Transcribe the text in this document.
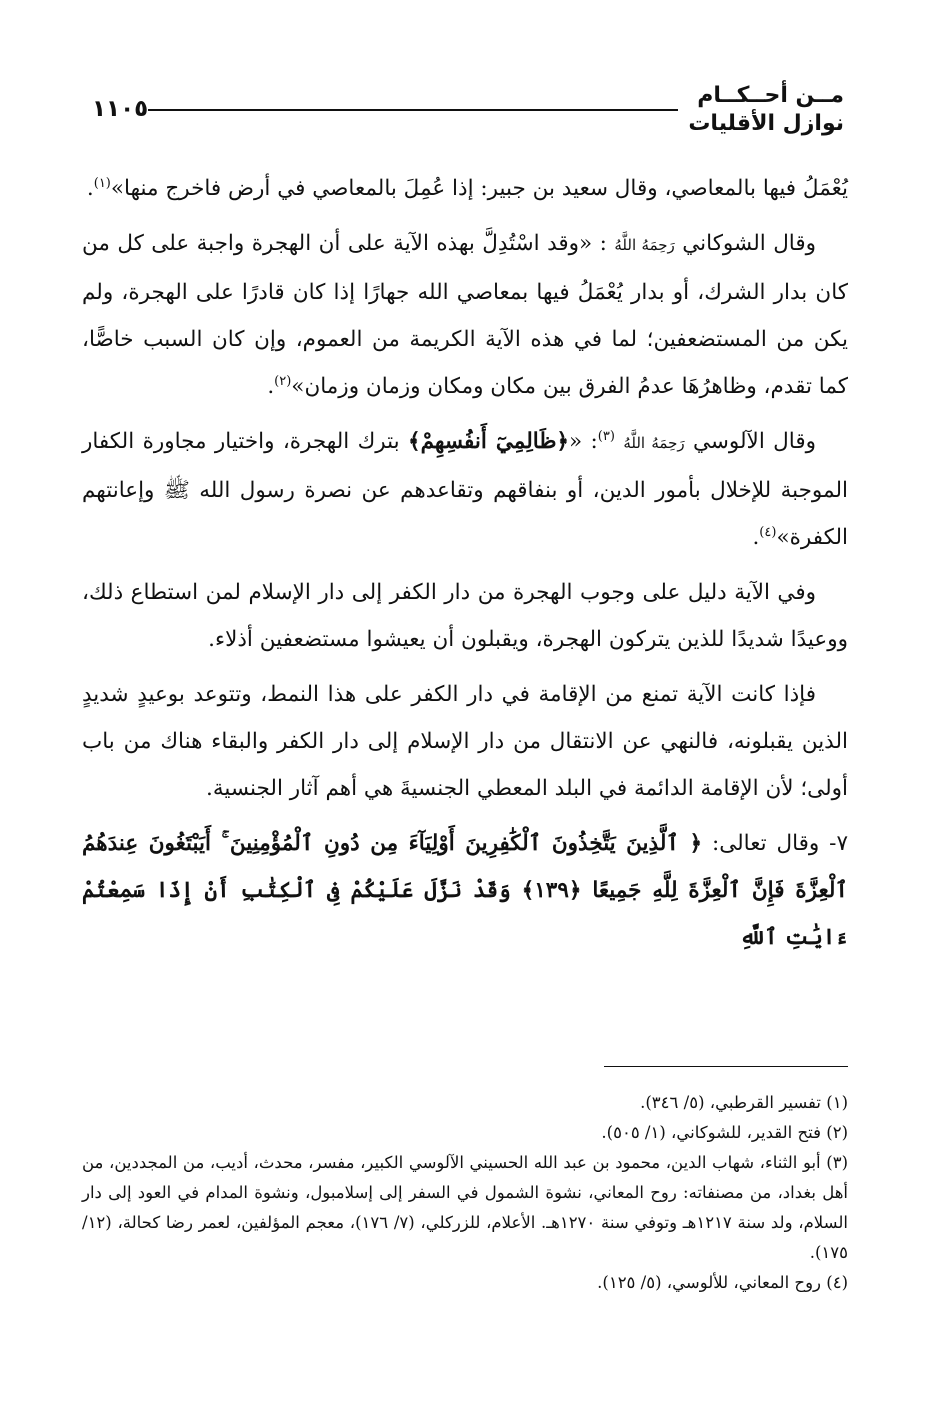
١١٠٥
مــن أحــكــام
نوازل الأقليات

يُعْمَلُ فيها بالمعاصي، وقال سعيد بن جبير: إذا عُمِلَ بالمعاصي في أرض فاخرج منها»$^{(١)}$.

وقال الشوكاني رَحِمَهُ اللَّهُ : «وقد اسْتُدِلَّ بهذه الآية على أن الهجرة واجبة على كل من كان بدار الشرك، أو بدار يُعْمَلُ فيها بمعاصي الله جهارًا إذا كان قادرًا على الهجرة، ولم يكن من المستضعفين؛ لما في هذه الآية الكريمة من العموم، وإن كان السبب خاصًّا، كما تقدم، وظاهرُهَا عدمُ الفرق بين مكان ومكان وزمان وزمان»$^{(٢)}$.

وقال الآلوسي رَحِمَهُ اللَّهُ $^{(٣)}$: «﴿ظَالِمِيٓ أَنفُسِهِمْ﴾ بترك الهجرة، واختيار مجاورة الكفار الموجبة للإخلال بأمور الدين، أو بنفاقهم وتقاعدهم عن نصرة رسول الله ﷺ وإعانتهم الكفرة»$^{(٤)}$.

وفي الآية دليل على وجوب الهجرة من دار الكفر إلى دار الإسلام لمن استطاع ذلك، ووعيدًا شديدًا للذين يتركون الهجرة، ويقبلون أن يعيشوا مستضعفين أذلاء.

فإذا كانت الآية تمنع من الإقامة في دار الكفر على هذا النمط، وتتوعد بوعيدٍ شديدٍ الذين يقبلونه، فالنهي عن الانتقال من دار الإسلام إلى دار الكفر والبقاء هناك من باب أولى؛ لأن الإقامة الدائمة في البلد المعطي الجنسيةَ هي أهم آثار الجنسية.

٧- وقال تعالى: ﴿ ٱلَّذِينَ يَتَّخِذُونَ ٱلْكَٰفِرِينَ أَوْلِيَآءَ مِن دُونِ ٱلْمُؤْمِنِينَ ۚ أَيَبْتَغُونَ عِندَهُمُ ٱلْعِزَّةَ فَإِنَّ ٱلْعِزَّةَ لِلَّهِ جَمِيعًا ﴿١٣٩﴾ وَقَدْ نَزَّلَ عَلَيْكُمْ فِى ٱلْكِتَٰبِ أَنْ إِذَا سَمِعْتُمْ ءَايَٰتِ ٱللَّهِ

(١) تفسير القرطبي، (٥/ ٣٤٦).

(٢) فتح القدير، للشوكاني، (١/ ٥٠٥).

(٣) أبو الثناء، شهاب الدين، محمود بن عبد الله الحسيني الآلوسي الكبير، مفسر، محدث، أديب، من المجددين، من أهل بغداد، من مصنفاته: روح المعاني، نشوة الشمول في السفر إلى إسلامبول، ونشوة المدام في العود إلى دار السلام، ولد سنة ١٢١٧هـ وتوفي سنة ١٢٧٠هـ. الأعلام، للزركلي، (٧/ ١٧٦)، معجم المؤلفين، لعمر رضا كحالة، (١٢/ ١٧٥).

(٤) روح المعاني، للألوسي، (٥/ ١٢٥).
